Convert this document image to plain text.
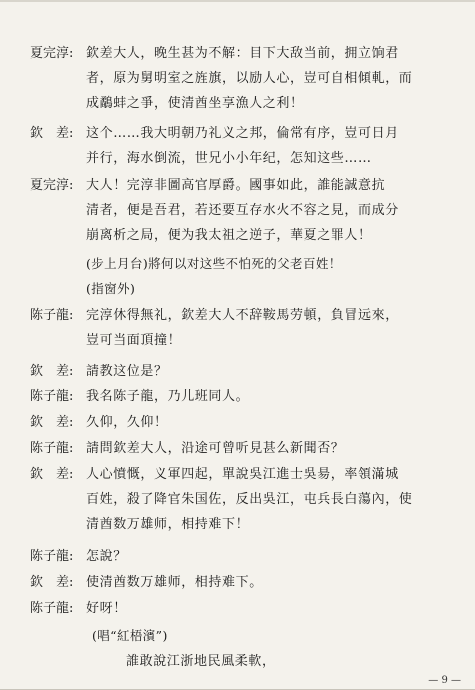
夏完淳: 欽差大人，晚生甚为不解：目下大敌当前，拥立饷君
者，原为舅明室之旌旗，以励人心，豈可自相傾軋，而
成鷸蚌之爭，使清酋坐享漁人之利！
欽　差: 这个……我大明朝乃礼义之邦，倫常有序，豈可日月
并行，海水倒流，世兄小小年纪，怎知这些……
夏完淳: 大人！完淳非圖高官厚爵。國事如此，誰能誠意抗
清者，便是吾君，若还要互存水火不容之見，而成分
崩离析之局，便为我太祖之逆子，華夏之罪人！
(步上月台)將何以对这些不怕死的父老百姓！
(指窗外)
陈子龍: 完淳休得無礼，欽差大人不辞鞍馬劳頓，負冒远來，
豈可当面頂撞！
欽　差: 請教这位是？
陈子龍: 我名陈子龍，乃儿班同人。
欽　差: 久仰，久仰！
陈子龍: 請問欽差大人，沿途可曾听見甚么新聞否？
欽　差: 人心憤慨，义軍四起，單說吳江進士吳昜，率領滿城
百姓，殺了降官朱国佐，反出吳江，屯兵長白蕩內，使
清酋数万雄师，相持难下！
陈子龍: 怎說？
欽　差: 使清酋数万雄师，相持难下。
陈子龍: 好呀！
(唱“紅梧濱”)
誰敢說江浙地民風柔軟，
— 9 —
